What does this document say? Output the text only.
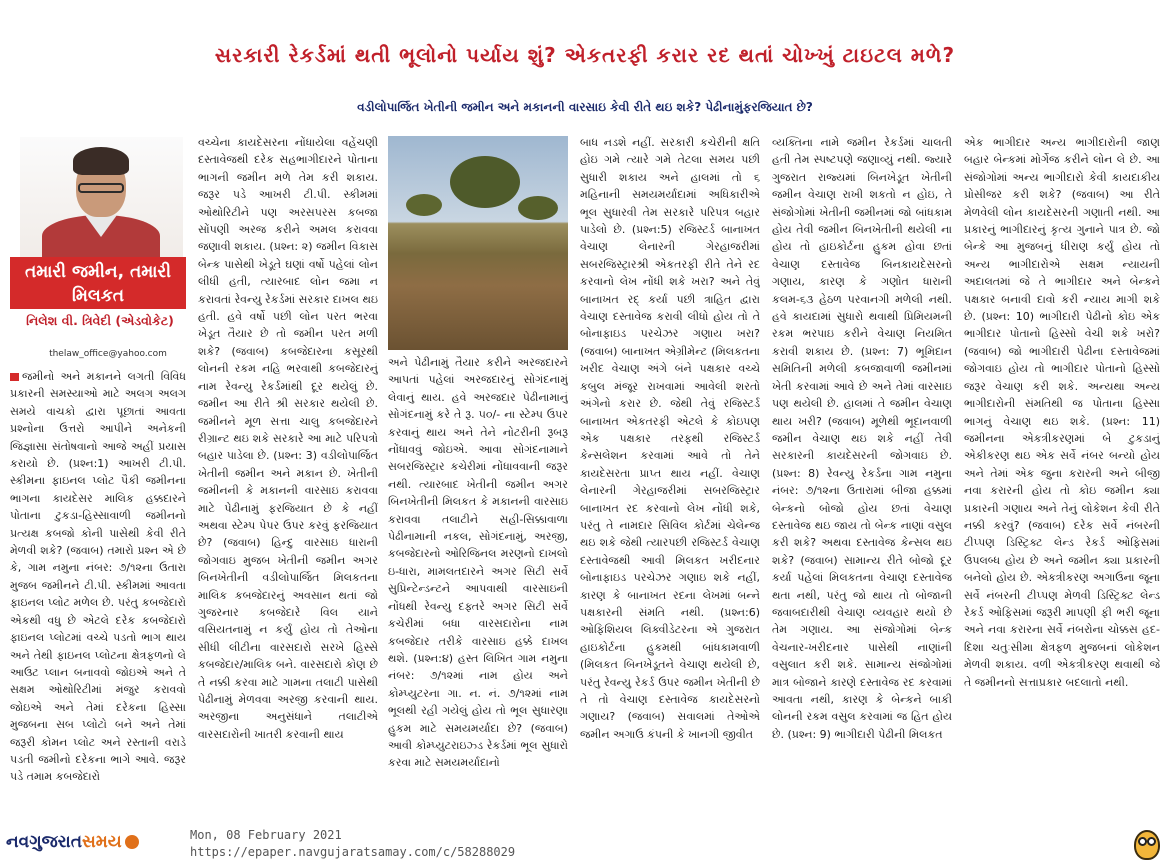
સરકારી રેકર્ડમાં થતી ભૂલોનો પર્યાય શું? એકતરફી કરાર રદ થતાં ચોખ્ખું ટાઇટલ મળે?
વડીલોપાર્જિત ખેતીની જમીન અને મકાનની વારસાઇ કેવી રીતે થઇ શકે? પેઢીનામુંફરજિયાત છે?
તમારી જમીન, તમારી મિલકત
નિલેશ વી. ત્રિવેદી (એડવોકેટ)
thelaw_office@yahoo.com

જમીનો અને મકાનને લગતી વિવિધ પ્રકારની સમસ્યાઓ માટે અલગ અલગ સમયે વાચકો દ્વારા પૂછાતાં આવતા પ્રશ્નોના ઉત્તરો આપીને અનેકની જિજ્ઞાસા સંતોષવાનો આજે અહીં પ્રયાસ કરાયો છે. (પ્રશ્ન:1) આખરી ટી.પી. સ્કીમના ફાઇનલ પ્લોટ પૈકી જમીનના ભાગના કાયદેસર માલિક હક્કદારને પોતાના ટુકડા-હિસ્સાવાળી જમીનનો પ્રત્યક્ષ કબજો કોની પાસેથી કેવી રીતે મેળવી શકે? (જવાબ) તમારો પ્રશ્ન એ છે કે, ગામ નમુના નંબર: ૭/૧૨ના ઉતારા મુજબ જમીનને ટી.પી. સ્કીમમાં આવતા ફાઇનલ પ્લોટ મળેલ છે. પરંતુ કબજેદારો એકથી વધુ છે એટલે દરેક કબજેદારો ફાઇનલ પ્લોટમાં વચ્ચે પડતો ભાગ થાય અને તેથી ફાઇનલ પ્લોટના ક્ષેત્રફળનો લે આઉટ પ્લાન બનાવવો જોઇએ અને તે સક્ષમ ઓથોરિટીમાં મંજુર કરાવવો જોઇએ અને તેમાં દરેકના હિસ્સા મુજબના સબ પ્લોટો બને અને તેમાં જરૂરી કોમન પ્લોટ અને રસ્તાની વરાડે પડતી જમીનો દરેકના ભાગે આવે. જરૂર પડે તમામ કબજેદારો

વચ્ચેના કાયદેસરના નોંધાયેલા વહેંચણી દસ્તાવેજથી દરેક સહભાગીદારને પોતાના ભાગની જમીન મળે તેમ કરી શકાય. જરૂર પડે આખરી ટી.પી. સ્કીમમાં ઓથોરિટીને પણ અરસપરસ કબજા સોંપણી અરજ કરીને અમલ કરાવવા જણાવી શકાય. (પ્રશ્ન: ૨) જમીન વિકાસ બેન્ક પાસેથી ખેડૂતે ઘણાં વર્ષો પહેલાં લોન લીધી હતી, ત્યારબાદ લોન જમા ન કરાવતાં રેવન્યુ રેકર્ડમાં સરકાર દાખલ થઇ હતી. હવે વર્ષો પછી લોન પરત ભરવા ખેડૂત તૈયાર છે તો જમીન પરત મળી શકે? (જવાબ) કબજેદારના કસૂરથી લોનની રકમ નહિ ભરવાથી કબજેદારનું નામ રેવન્યુ રેકર્ડમાંથી દૂર થયેલું છે. જમીન આ રીતે શ્રી સરકાર થયેલી છે. જમીનને મૂળ સત્તા ચાલુ કબજેદારને રીગ્રાન્ટ થઇ શકે સરકારે આ માટે પરિપત્રો બહાર પાડેલા છે. (પ્રશ્ન: 3) વડીલોપાર્જિત ખેતીની જમીન અને મકાન છે. ખેતીની જમીનની કે મકાનની વારસાઇ કરાવવા માટે પેઢીનામું ફરજિયાત છે કે નહીં અથવા સ્ટેમ્પ પેપર ઉપર કરવું ફરજિયાત છે? (જવાબ) હિન્દુ વારસાઇ ધારાની જોગવાઇ મુજબ ખેતીની જમીન અગર બિનખેતીની વડીલોપાર્જિત મિલકતના માલિક કબજેદારનું અવસાન થતાં જો ગુજરનાર કબજેદારે વિલ યાને વસિયતનામું ન કર્યું હોય તો તેઓના સીધી લીટીના વારસદારો સરખે હિસ્સે કબજેદાર/માલિક બને. વારસદારો કોણ છે તે નક્કી કરવા માટે ગામના તલાટી પાસેથી પેઢીનામું મેળવવા અરજી કરવાની થાય. અરજીના અનુસંધાને તલાટીએ વારસદારોની ખાતરી કરવાની થાય

અને પેઢીનામું તૈયાર કરીને અરજદારને આપતાં પહેલાં અરજદારનું સોગંદનામું લેવાનું થાય. હવે અરજદાર પેઢીનામાનું સોગંદનામું કરે તે રૂ. ૫૦/- ના સ્ટેમ્પ ઉપર કરવાનું થાય અને તેને નોટરીની રૂબરૂ નોંધાવવું જોઇએ. આવા સોગંદનામાને સબરજિસ્ટ્રાર કચેરીમાં નોંધાવવાની જરૂર નથી. ત્યારબાદ ખેતીની જમીન અગર બિનખેતીની મિલકત કે મકાનની વારસાઇ કરાવવા તલાટીને સહી-સિક્કાવાળા પેઢીનામાની નકલ, સોગંદનામું, અરજી, કબજેદારનો ઓરિજિનલ મરણનો દાખલો ઇ-ધારા, મામલતદારને અગર સિટી સર્વે સુપ્રિન્ટેન્ડન્ટને આપવાથી વારસાઇની નોંધથી રેવન્યુ દફ્તરે અગર સિટી સર્વે કચેરીમાં બધા વારસદારોના નામ કબજેદાર તરીકે વારસાઇ હક્કે દાખલ થશે. (પ્રશ્ન:૪) હસ્ત લિખિત ગામ નમુના નંબર: ૭/૧૨માં નામ હોય અને કોમ્પ્યુટરના ગા. ન. નં. ૭/૧૨માં નામ ભૂલથી રહી ગયેલું હોય તો ભૂલ સુધારણા હુકમ માટે સમયમર્યાદા છે? (જવાબ) આવી કોમ્પ્યુટરાઇઝ્ડ રેકર્ડમાં ભૂલ સુધારો કરવા માટે સમયમર્યાદાનો

બાધ નડશે નહીં. સરકારી કચેરીની ક્ષતિ હોઇ ગમે ત્યારે ગમે તેટલા સમય પછી સુધારી શકાય અને હાલમાં તો ૬ મહિનાની સમયમર્યાદામાં અધિકારીએ ભૂલ સુધારવી તેમ સરકારે પરિપત્ર બહાર પાડેલો છે. (પ્રશ્ન:5) રજિસ્ટર્ડ બાનાખત વેચાણ લેનારની ગેરહાજરીમાં સબરજિસ્ટ્રારશ્રી એકતરફી રીતે તેને રદ કરવાનો લેખ નોંધી શકે ખરા? અને તેવું બાનાખત રદ્ કર્યા પછી ત્રાહિત દ્વારા વેચાણ દસ્તાવેજ કરાવી લીધો હોય તો તે બોનાફાઇડ પરચેઝર ગણાય ખરા? (જવાબ) બાનાખત એગ્રીમેન્ટ (મિલકતના ખરીદ વેચાણ અંગે બંને પક્ષકાર વચ્ચે કબુલ મંજૂર રાખવામાં આવેલી શરતો અંગેનો કરાર છે. જેથી તેવું રજિસ્ટર્ડ બાનાખત એકતરફી એટલે કે કોઇપણ એક પક્ષકાર તરફથી રજિસ્ટર્ડ કેન્સલેશન કરવામાં આવે તો તેને કાયદેસરતા પ્રાપ્ત થાય નહીં. વેચાણ લેનારની ગેરહાજરીમાં સબરજિસ્ટ્રાર બાનાખત રદ કરવાનો લેખ નોંધી શકે, પરંતુ તે નામદાર સિવિલ કોર્ટમાં ચેલેન્જ થઇ શકે જેથી ત્યારપછી રજિસ્ટર્ડ વેચાણ દસ્તાવેજથી આવી મિલકત ખરીદનાર બોનાફાઇડ પરચેઝર ગણાઇ શકે નહીં, કારણ કે બાનાખત રદના લેખમાં બન્ને પક્ષકારની સંમતિ નથી. (પ્રશ્ન:6) ઓફિશિયલ લિક્વીડેટરના એ ગુજરાત હાઇકોર્ટના હુકમથી બાંધકામવાળી (મિલકત બિનખેડૂતને વેચાણ થયેલી છે, પરંતુ રેવન્યુ રેકર્ડ ઉપર જમીન ખેતીની છે તે તો વેચાણ દસ્તાવેજ કાયદેસરનો ગણાય? (જવાબ) સવાલમાં તેઓએ જમીન અગાઉ કંપની કે ખાનગી જીવીત

વ્યક્તિના નામે જમીન રેકર્ડમાં ચાલતી હતી તેમ સ્પષ્ટપણે જણાવ્યું નથી. જ્યારે ગુજરાત રાજ્યમાં બિનખેડૂત ખેતીની જમીન વેચાણ રાખી શકતો ન હોઇ, તે સંજોગોમાં ખેતીની જમીનમાં જો બાંધકામ હોય તેવી જમીન બિનખેતીની થયેલી ના હોય તો હાઇકોર્ટના હુકમ હોવા છતાં વેચાણ દસ્તાવેજ બિનકાયદેસરનો ગણાય, કારણ કે ગણોત ધારાની કલમ-૬૩ હેઠળ પરવાનગી મળેલી નથી. હવે કાયદામાં સુધારો થવાથી પ્રિમિયમની રકમ ભરપાઇ કરીને વેચાણ નિયમિત કરાવી શકાય છે. (પ્રશ્ન: 7) ભૂમિદાન સમિતિની મળેલી કબજાવાળી જમીનમાં ખેતી કરવામાં આવે છે અને તેમાં વારસાઇ પણ થયેલી છે. હાલમાં તે જમીન વેચાણ થાય ખરી? (જવાબ) મૂળેથી ભૂદાનવાળી જમીન વેચાણ થઇ શકે નહીં તેવી સરકારની કાયદેસરની જોગવાઇ છે. (પ્રશ્ન: 8) રેવન્યુ રેકર્ડના ગામ નમુના નંબર: ૭/૧૨ના ઉતારામાં બીજા હક્કમાં બેન્કનો બોજો હોય છતાં વેચાણ દસ્તાવેજ થઇ જાય તો બેન્ક નાણાં વસુલ કરી શકે? અથવા દસ્તાવેજ કેન્સલ થઇ શકે? (જવાબ) સામાન્ય રીતે બોજો દૂર કર્યા પહેલાં મિલકતના વેચાણ દસ્તાવેજ થતા નથી, પરંતુ જો થાય તો બોજાની જવાબદારીથી વેચાણ વ્યવહાર થયો છે તેમ ગણાય. આ સંજોગોમાં બેન્ક વેચનાર-ખરીદનાર પાસેથી નાણાંની વસુલાત કરી શકે. સામાન્ય સંજોગોમાં માત્ર બોજાને કારણે દસ્તાવેજ રદ કરવામાં આવતા નથી, કારણ કે બેન્કને બાકી લોનની રકમ વસુલ કરવામાં જ હિત હોય છે. (પ્રશ્ન: 9) ભાગીદારી પેઢીની મિલકત

એક ભાગીદાર અન્ય ભાગીદારોની જાણ બહાર બેન્કમાં મોર્ગેજ કરીને લોન લે છે. આ સંજોગોમાં અન્ય ભાગીદારો કેવી કાયદાકીય પ્રોસીજર કરી શકે? (જવાબ) આ રીતે મેળવેલી લોન કાયદેસરની ગણાતી નથી. આ પ્રકારનું ભાગીદારનું કૃત્ય ગુનાને પાત્ર છે. જો બેન્કે આ મુજબનું ધીરાણ કર્યું હોય તો અન્ય ભાગીદારોએ સક્ષમ ન્યાયની અદાલતમાં જે તે ભાગીદાર અને બેન્કને પક્ષકાર બનાવી દાવો કરી ન્યાય માગી શકે છે. (પ્રશ્ન: 10) ભાગીદારી પેઢીનો કોઇ એક ભાગીદાર પોતાનો હિસ્સો વેચી શકે ખરો? (જવાબ) જો ભાગીદારી પેઢીના દસ્તાવેજમાં જોગવાઇ હોય તો ભાગીદાર પોતાનો હિસ્સો જરૂર વેચાણ કરી શકે. અન્યથા અન્ય ભાગીદારોની સંમતિથી જ પોતાના હિસ્સા ભાગનું વેચાણ થઇ શકે. (પ્રશ્ન: 11) જમીનના એકત્રીકરણમાં બે ટુકડાનું એકીકરણ થઇ એક સર્વે નંબર બન્યો હોય અને તેમાં એક જુના કરારની અને બીજી નવા કરારની હોય તો કોઇ જમીન ક્યા પ્રકારની ગણાય અને તેનું લોકેશન કેવી રીતે નક્કી કરવું? (જવાબ) દરેક સર્વે નંબરની ટીપ્પણ ડિસ્ટ્રિક્ટ લેન્ડ રેકર્ડ ઓફિસમાં ઉપલબ્ધ હોય છે અને જમીન ક્યા પ્રકારની બનેલો હોય છે. એકત્રીકરણ અગાઉના જૂના સર્વે નંબરની ટીપ્પણ મેળવી ડિસ્ટ્રિક્ટ લેન્ડ રેકર્ડ ઓફિસમાં જરૂરી માપણી ફી ભરી જૂના અને નવા કરારના સર્વે નંબરોના ચોક્કસ હદ-દિશા ચતુઃસીમા ક્ષેત્રફળ મુજબનાં લોકેશન મેળવી શકાય. વળી એકત્રીકરણ થવાથી જે તે જમીનનો સત્તાપ્રકાર બદલાતો નથી.

નવગુજરાતસમય	Mon, 08 February 2021
https://epaper.navgujaratsamay.com/c/58288029
